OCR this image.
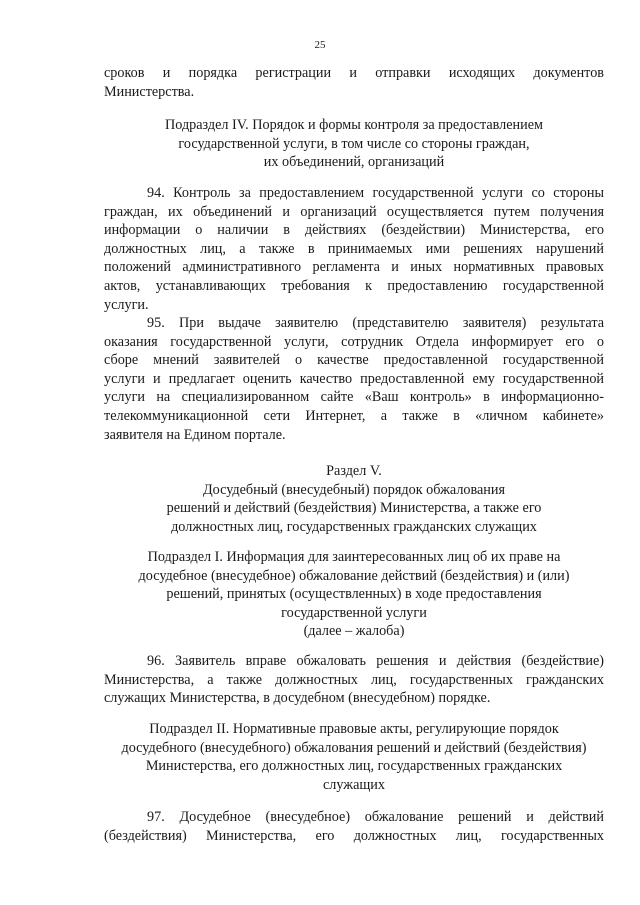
25
сроков и порядка регистрации и отправки исходящих документов
Министерства.
Подраздел IV. Порядок и формы контроля за предоставлением
государственной услуги, в том числе со стороны граждан,
их объединений, организаций
94. Контроль за предоставлением государственной услуги со стороны
граждан, их объединений и организаций осуществляется путем получения
информации о наличии в действиях (бездействии) Министерства, его
должностных лиц, а также в принимаемых ими решениях нарушений
положений административного регламента и иных нормативных правовых
актов, устанавливающих требования к предоставлению государственной
услуги.
95. При выдаче заявителю (представителю заявителя) результата
оказания государственной услуги, сотрудник Отдела информирует его о
сборе мнений заявителей о качестве предоставленной государственной
услуги и предлагает оценить качество предоставленной ему государственной
услуги на специализированном сайте «Ваш контроль» в информационно-
телекоммуникационной сети Интернет, а также в «личном кабинете»
заявителя на Едином портале.
Раздел V.
Досудебный (внесудебный) порядок обжалования
решений и действий (бездействия) Министерства, а также его
должностных лиц, государственных гражданских служащих
Подраздел I. Информация для заинтересованных лиц об их праве на
досудебное (внесудебное) обжалование действий (бездействия) и (или)
решений, принятых (осуществленных) в ходе предоставления
государственной услуги
(далее – жалоба)
96. Заявитель вправе обжаловать решения и действия (бездействие)
Министерства, а также должностных лиц, государственных гражданских
служащих Министерства, в досудебном (внесудебном) порядке.
Подраздел II. Нормативные правовые акты, регулирующие порядок
досудебного (внесудебного) обжалования решений и действий (бездействия)
Министерства, его должностных лиц, государственных гражданских
служащих
97. Досудебное (внесудебное) обжалование решений и действий
(бездействия) Министерства, его должностных лиц, государственных
